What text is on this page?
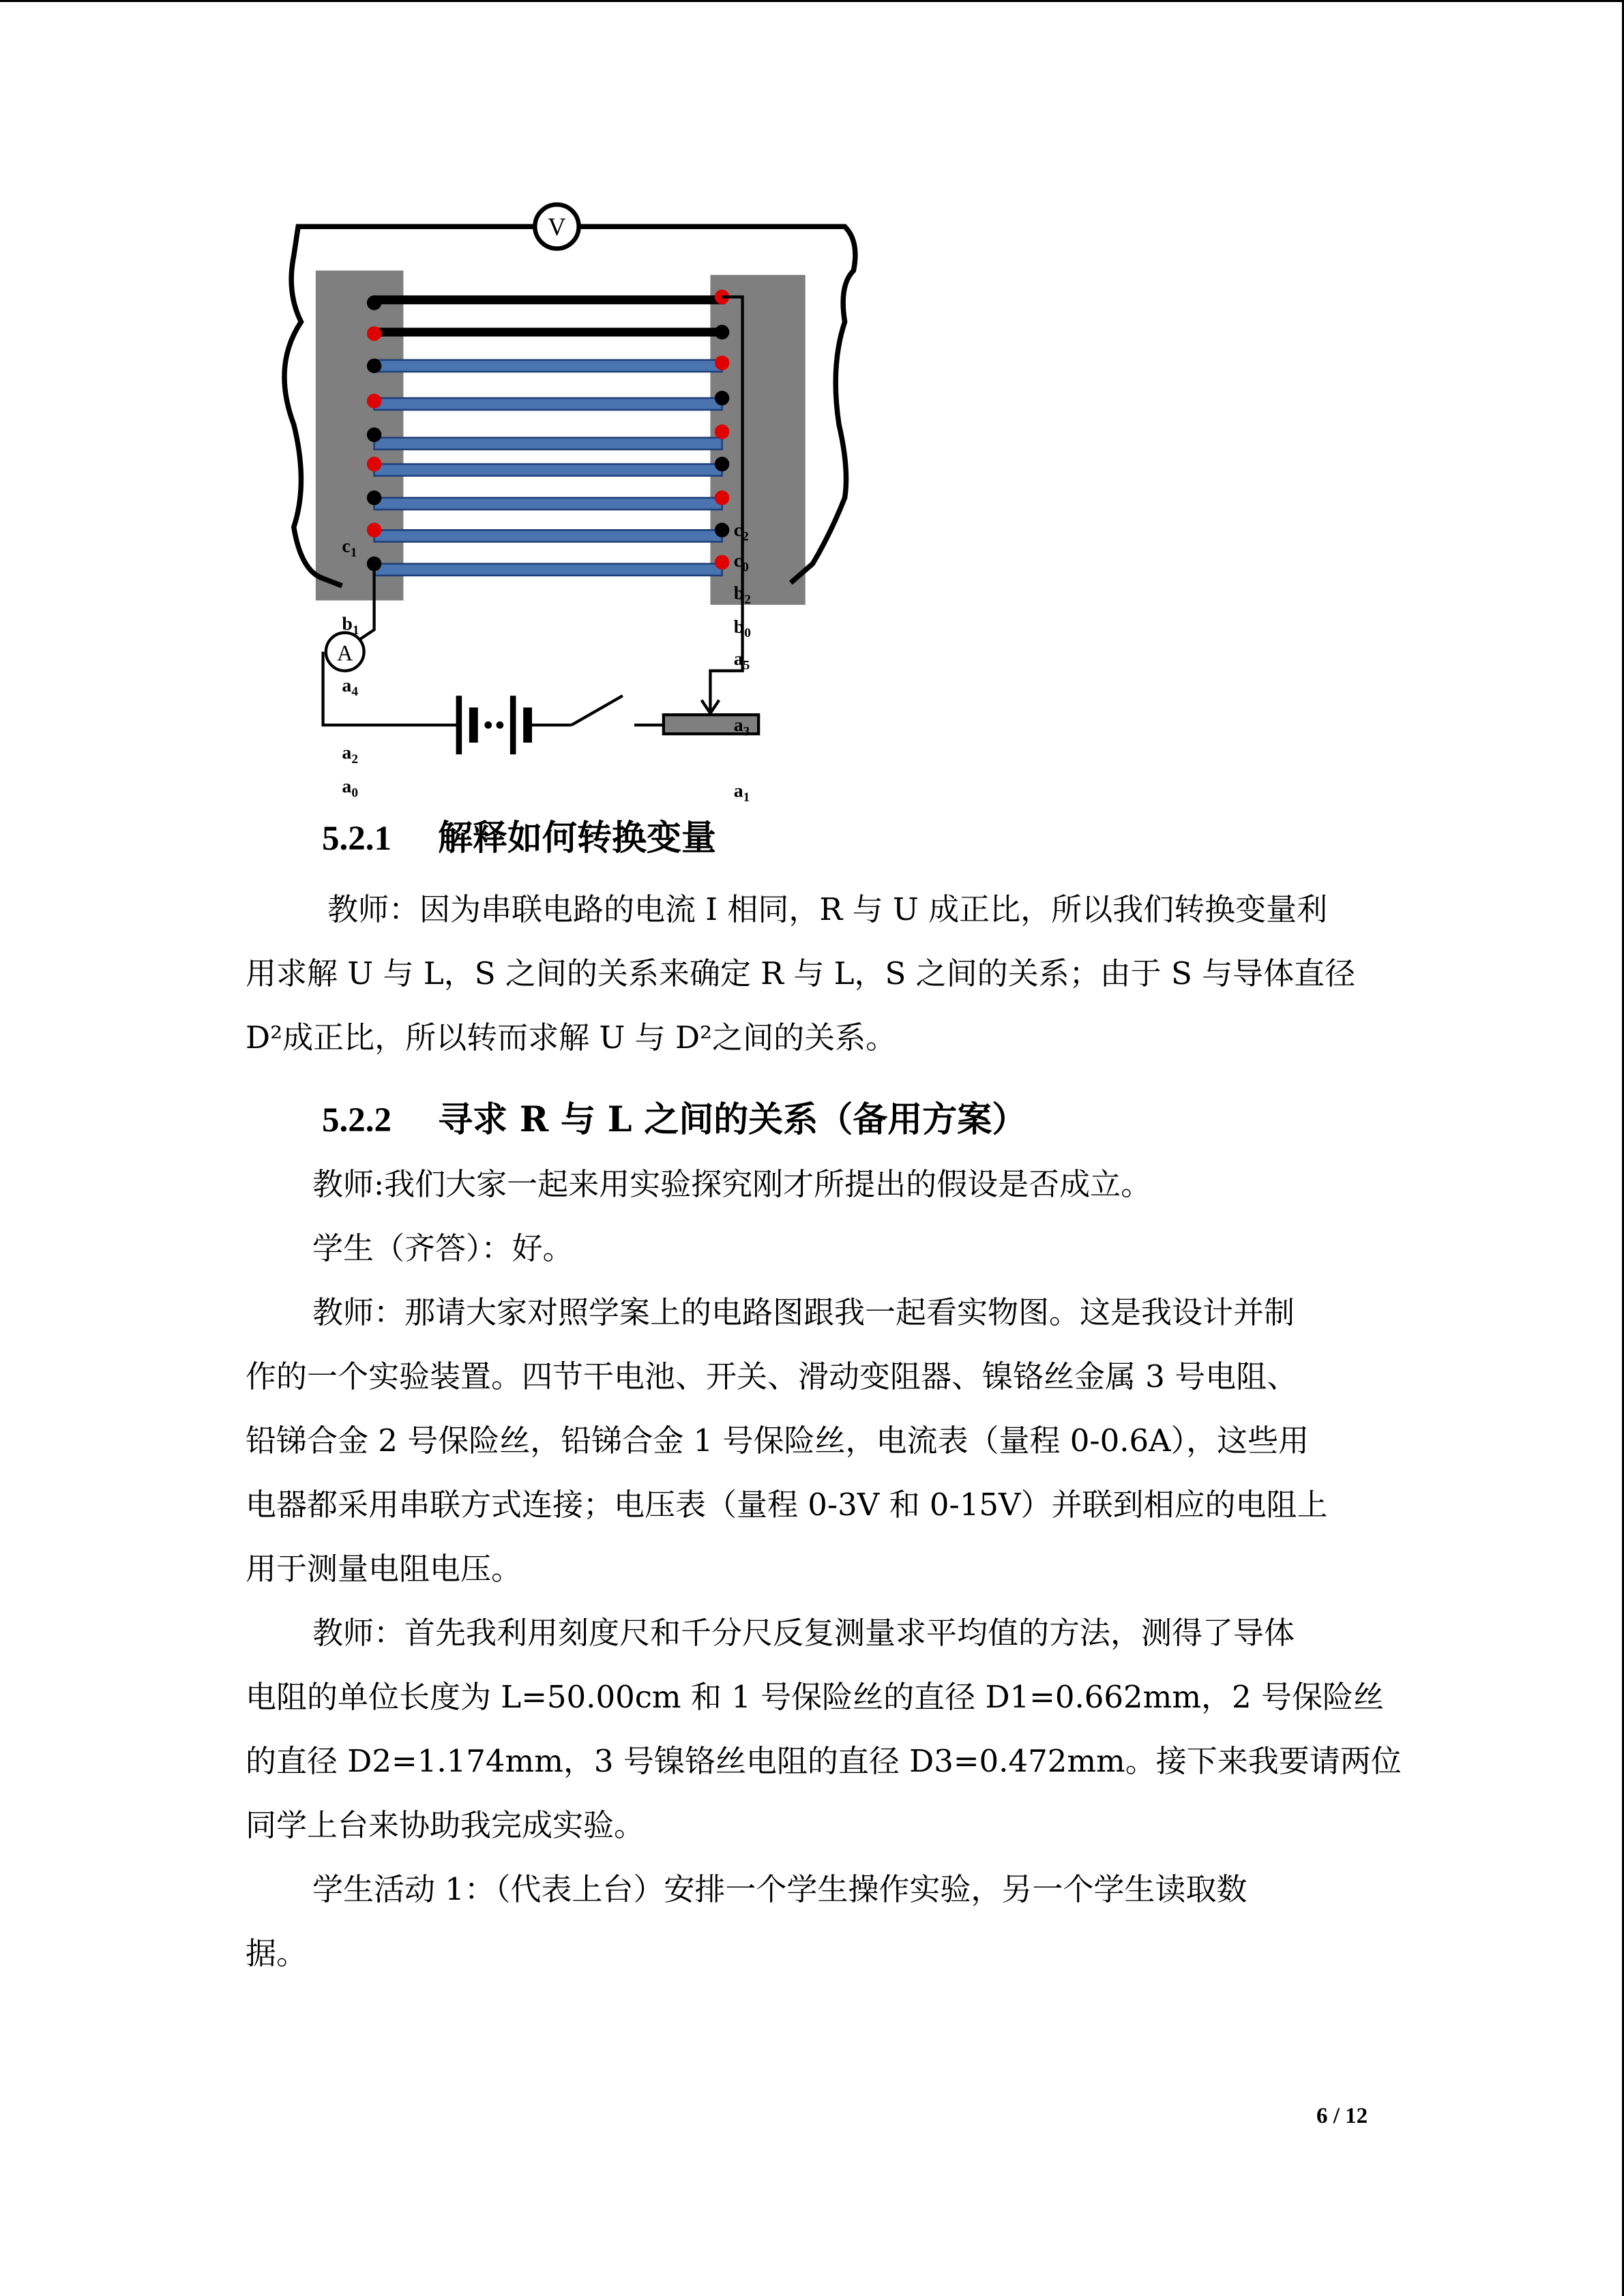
V
A
$c_1$
$b_1$
$a_4$
$a_2$
$a_0$
$c_2$
$c_0$
$b_2$
$b_0$
$a_5$
$a_3$
$a_1$
5.2.1 解释如何转换变量

教师：因为串联电路的电流 I 相同，R 与 U 成正比，所以我们转换变量利
用求解 U 与 L，S 之间的关系来确定 R 与 L，S 之间的关系；由于 S 与导体直径
D²成正比，所以转而求解 U 与 D²之间的关系。

5.2.2 寻求 R 与 L 之间的关系（备用方案）

教师:我们大家一起来用实验探究刚才所提出的假设是否成立。
学生（齐答）：好。
教师：那请大家对照学案上的电路图跟我一起看实物图。这是我设计并制
作的一个实验装置。四节干电池、开关、滑动变阻器、镍铬丝金属 3 号电阻、
铅锑合金 2 号保险丝，铅锑合金 1 号保险丝，电流表（量程 0-0.6A），这些用
电器都采用串联方式连接；电压表（量程 0-3V 和 0-15V）并联到相应的电阻上
用于测量电阻电压。
教师：首先我利用刻度尺和千分尺反复测量求平均值的方法，测得了导体
电阻的单位长度为 L=50.00cm 和 1 号保险丝的直径 D1=0.662mm，2 号保险丝
的直径 D2=1.174mm，3 号镍铬丝电阻的直径 D3=0.472mm。接下来我要请两位
同学上台来协助我完成实验。
学生活动 1：（代表上台）安排一个学生操作实验，另一个学生读取数
据。

6 / 12
